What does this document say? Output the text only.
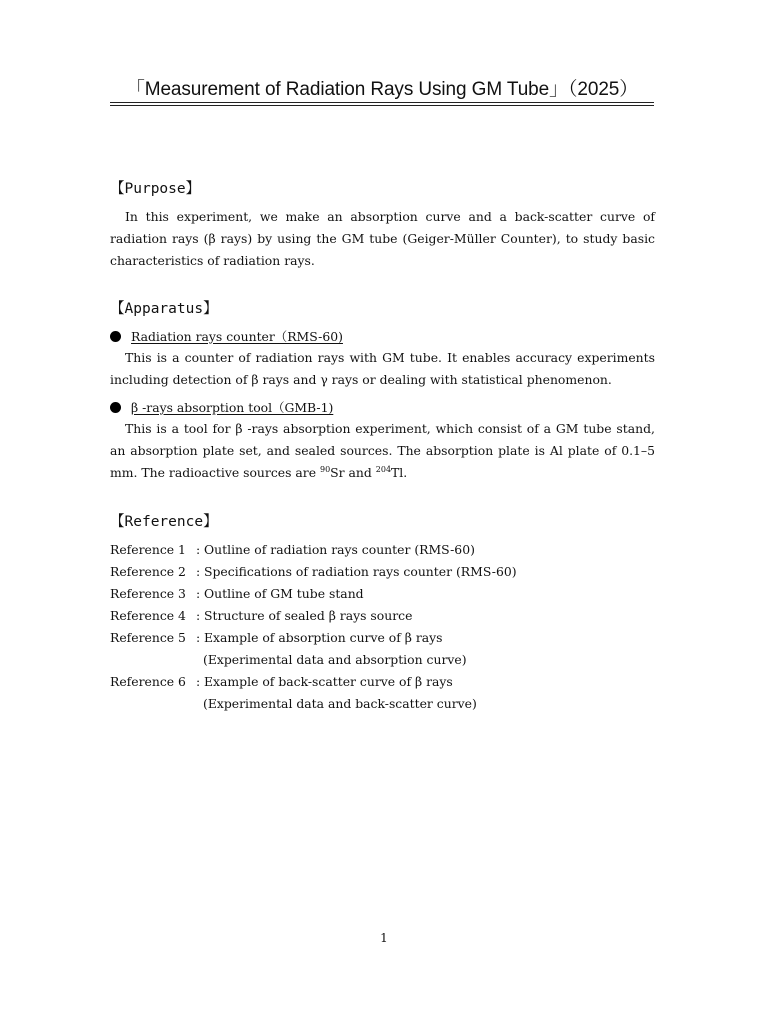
「Measurement of Radiation Rays Using GM Tube」（2025）
【Purpose】
In this experiment, we make an absorption curve and a back-scatter curve of
radiation rays (β rays) by using the GM tube (Geiger-Müller Counter), to study basic
characteristics of radiation rays.
【Apparatus】
Radiation rays counter（RMS-60)
This is a counter of radiation rays with GM tube. It enables accuracy experiments
including detection of β rays and γ rays or dealing with statistical phenomenon.
β -rays absorption tool（GMB-1)
This is a tool for β -rays absorption experiment, which consist of a GM tube stand,
an absorption plate set, and sealed sources. The absorption plate is Al plate of 0.1–5
mm. The radioactive sources are $^{90}$Sr and $^{204}$Tl.
【Reference】
Reference 1 : Outline of radiation rays counter (RMS-60)
Reference 2 : Specifications of radiation rays counter (RMS-60)
Reference 3 : Outline of GM tube stand
Reference 4 : Structure of sealed β rays source
Reference 5 : Example of absorption curve of β rays
(Experimental data and absorption curve)
Reference 6 : Example of back-scatter curve of β rays
(Experimental data and back-scatter curve)
1
